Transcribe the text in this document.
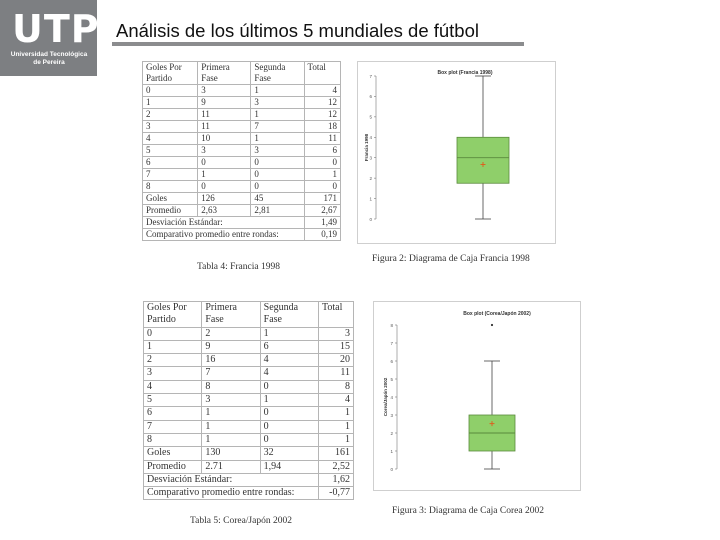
UTP
Universidad Tecnológica
de Pereira
Análisis de los últimos 5 mundiales de fútbol
Goles Por Partido	Primera Fase	Segunda Fase	Total
0	3	1	4
1	9	3	12
2	11	1	12
3	11	7	18
4	10	1	11
5	3	3	6
6	0	0	0
7	1	0	1
8	0	0	0
Goles	126	45	171
Promedio	2,63	2,81	2,67
Desviación Estándar:			1,49
Comparativo promedio entre rondas:			0,19
Tabla 4: Francia 1998
Goles Por Partido	Primera Fase	Segunda Fase	Total
0	2	1	3
1	9	6	15
2	16	4	20
3	7	4	11
4	8	0	8
5	3	1	4
6	1	0	1
7	1	0	1
8	1	0	1
Goles	130	32	161
Promedio	2.71	1,94	2,52
Desviación Estándar:			1,62
Comparativo promedio entre rondas:			-0,77
Tabla 5: Corea/Japón 2002
0
1
2
3
4
5
6
7
Box plot (Francia 1998)
Francia 1998
0
1
2
3
4
5
6
7
8
Box plot (Corea/Japón 2002)
Corea/Japón 2002
Figura 2: Diagrama de Caja Francia 1998
Figura 3: Diagrama de Caja Corea 2002
